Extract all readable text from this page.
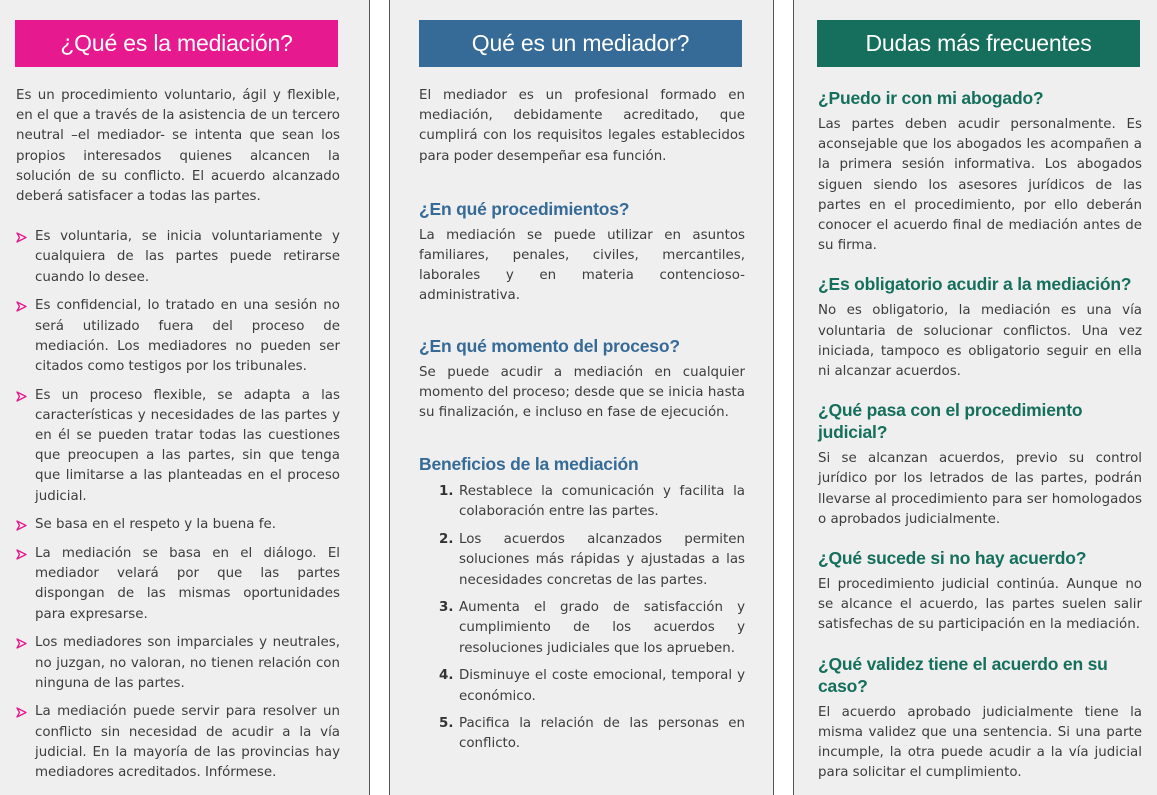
¿Qué es la mediación?

Es un procedimiento voluntario, ágil y flexible, en el que a través de la asistencia de un tercero neutral –el mediador- se intenta que sean los propios interesados quienes alcancen la solución de su conflicto. El acuerdo alcanzado deberá satisfacer a todas las partes.

Es voluntaria, se inicia voluntariamente y cualquiera de las partes puede retirarse cuando lo desee.
Es confidencial, lo tratado en una sesión no será utilizado fuera del proceso de mediación. Los mediadores no pueden ser citados como testigos por los tribunales.
Es un proceso flexible, se adapta a las características y necesidades de las partes y en él se pueden tratar todas las cuestiones que preocupen a las partes, sin que tenga que limitarse a las planteadas en el proceso judicial.
Se basa en el respeto y la buena fe.
La mediación se basa en el diálogo. El mediador velará por que las partes dispongan de las mismas oportunidades para expresarse.
Los mediadores son imparciales y neutrales, no juzgan, no valoran, no tienen relación con ninguna de las partes.
La mediación puede servir para resolver un conflicto sin necesidad de acudir a la vía judicial. En la mayoría de las provincias hay mediadores acreditados. Infórmese.
Qué es un mediador?

El mediador es un profesional formado en mediación, debidamente acreditado, que cumplirá con los requisitos legales establecidos para poder desempeñar esa función.

¿En qué procedimientos?

La mediación se puede utilizar en asuntos familiares, penales, civiles, mercantiles, laborales y en materia contencioso-administrativa.

¿En qué momento del proceso?

Se puede acudir a mediación en cualquier momento del proceso; desde que se inicia hasta su finalización, e incluso en fase de ejecución.

Beneficios de la mediación
1. Restablece la comunicación y facilita la colaboración entre las partes.
2. Los acuerdos alcanzados permiten soluciones más rápidas y ajustadas a las necesidades concretas de las partes.
3. Aumenta el grado de satisfacción y cumplimiento de los acuerdos y resoluciones judiciales que los aprueben.
4. Disminuye el coste emocional, temporal y económico.
5. Pacifica la relación de las personas en conflicto.
Dudas más frecuentes
¿Puedo ir con mi abogado?

Las partes deben acudir personalmente. Es aconsejable que los abogados les acompañen a la primera sesión informativa. Los abogados siguen siendo los asesores jurídicos de las partes en el procedimiento, por ello deberán conocer el acuerdo final de mediación antes de su firma.

¿Es obligatorio acudir a la mediación?

No es obligatorio, la mediación es una vía voluntaria de solucionar conflictos. Una vez iniciada, tampoco es obligatorio seguir en ella ni alcanzar acuerdos.

¿Qué pasa con el procedimiento judicial?

Si se alcanzan acuerdos, previo su control jurídico por los letrados de las partes, podrán llevarse al procedimiento para ser homologados o aprobados judicialmente.

¿Qué sucede si no hay acuerdo?

El procedimiento judicial continúa. Aunque no se alcance el acuerdo, las partes suelen salir satisfechas de su participación en la mediación.

¿Qué validez tiene el acuerdo en su caso?

El acuerdo aprobado judicialmente tiene la misma validez que una sentencia. Si una parte incumple, la otra puede acudir a la vía judicial para solicitar el cumplimiento.
